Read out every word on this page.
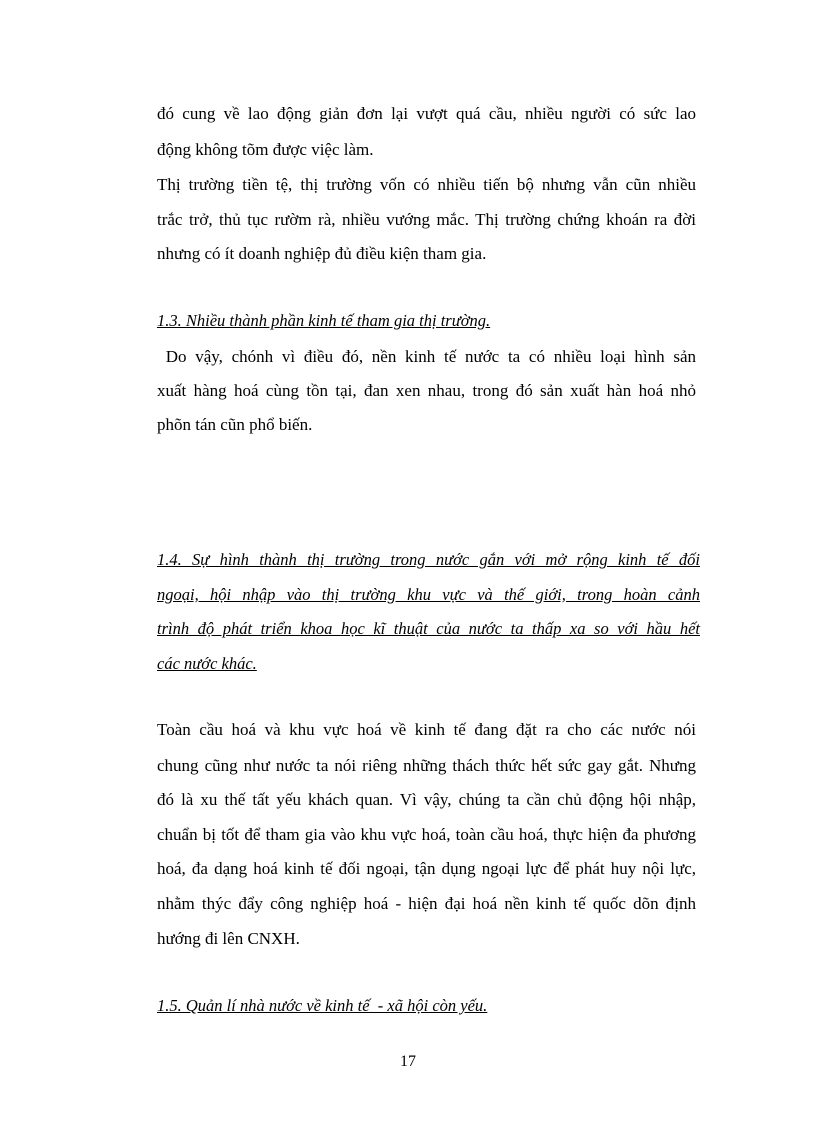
đó cung về lao động giản đơn lại vượt quá cầu, nhiều người có sức lao
động không tõm được việc làm.
Thị trường tiền tệ, thị trường vốn có nhiều tiến bộ nhưng vẫn cũn nhiều
trắc trở, thủ tục rườm rà, nhiều vướng mắc. Thị trường chứng khoán ra đời
nhưng có ít doanh nghiệp đủ điều kiện tham gia.
1.3. Nhiều thành phần kinh tế tham gia thị trường.
Do vậy, chónh vì điều đó, nền kinh tế nước ta có nhiều loại hình sản
xuất hàng hoá cùng tồn tại, đan xen nhau, trong đó sản xuất hàn hoá nhỏ
phõn tán cũn phổ biến.
1.4. Sự hình thành thị trường trong nước gắn với mở rộng kinh tế đối
ngoại, hội nhập vào thị trường khu vực và thế giới, trong hoàn cảnh
trình độ phát triển khoa học kĩ thuật của nước ta thấp xa so với hầu hết
các nước khác.
Toàn cầu hoá và khu vực hoá về kinh tế đang đặt ra cho các nước nói
chung cũng như nước ta nói riêng những thách thức hết sức gay gắt. Nhưng
đó là xu thế tất yếu khách quan. Vì vậy, chúng ta cần chủ động hội nhập,
chuẩn bị tốt để tham gia vào khu vực hoá, toàn cầu hoá, thực hiện đa phương
hoá, đa dạng hoá kinh tế đối ngoại, tận dụng ngoại lực để phát huy nội lực,
nhằm thýc đẩy công nghiệp hoá - hiện đại hoá nền kinh tế quốc dõn định
hướng đi lên CNXH.
1.5. Quản lí nhà nước về kinh tế  - xã hội còn yếu.
17
